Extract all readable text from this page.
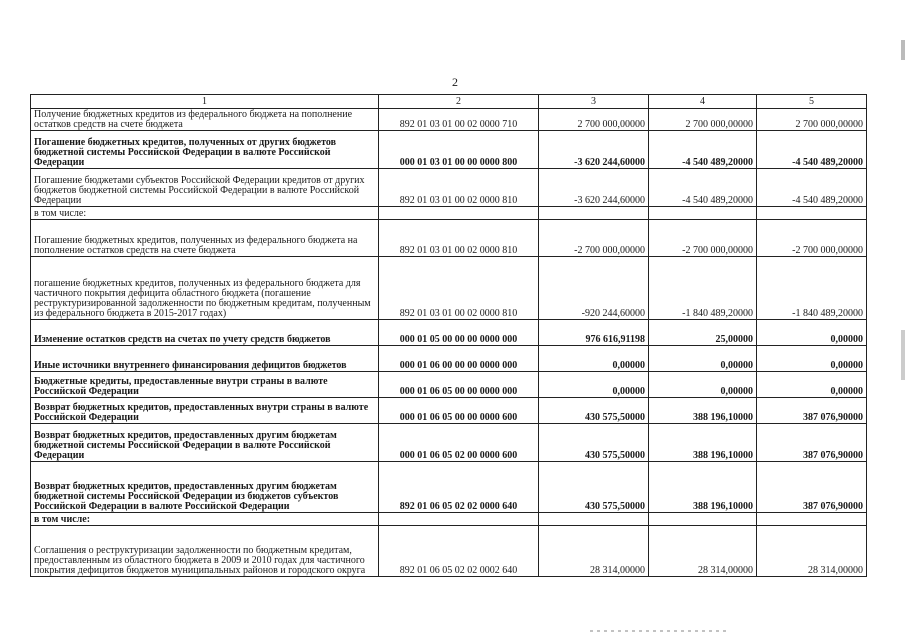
2
1	2	3	4	5
Получение бюджетных кредитов из федерального бюджета на пополнение остатков средств на счете бюджета	892 01 03 01 00 02 0000 710	2 700 000,00000	2 700 000,00000	2 700 000,00000
Погашение бюджетных кредитов, полученных от других бюджетов бюджетной системы Российской Федерации в валюте Российской Федерации	000 01 03 01 00 00 0000 800	-3 620 244,60000	-4 540 489,20000	-4 540 489,20000
Погашение бюджетами субъектов Российской Федерации кредитов от других бюджетов бюджетной системы Российской Федерации в валюте Российской Федерации	892 01 03 01 00 02 0000 810	-3 620 244,60000	-4 540 489,20000	-4 540 489,20000
в том числе:				
Погашение бюджетных кредитов, полученных из федерального бюджета на пополнение остатков средств на счете бюджета	892 01 03 01 00 02 0000 810	-2 700 000,00000	-2 700 000,00000	-2 700 000,00000
погашение бюджетных кредитов, полученных из федерального бюджета для частичного покрытия дефицита областного бюджета (погашение реструктуризированной задолженности по бюджетным кредитам, полученным из федерального бюджета в 2015-2017 годах)	892 01 03 01 00 02 0000 810	-920 244,60000	-1 840 489,20000	-1 840 489,20000
Изменение остатков средств на счетах по учету средств бюджетов	000 01 05 00 00 00 0000 000	976 616,91198	25,00000	0,00000
Иные источники внутреннего финансирования дефицитов бюджетов	000 01 06 00 00 00 0000 000	0,00000	0,00000	0,00000
Бюджетные кредиты, предоставленные внутри страны в валюте Российской Федерации	000 01 06 05 00 00 0000 000	0,00000	0,00000	0,00000
Возврат бюджетных кредитов, предоставленных внутри страны в валюте Российской Федерации	000 01 06 05 00 00 0000 600	430 575,50000	388 196,10000	387 076,90000
Возврат бюджетных кредитов, предоставленных другим бюджетам бюджетной системы Российской Федерации в валюте Российской Федерации	000 01 06 05 02 00 0000 600	430 575,50000	388 196,10000	387 076,90000
Возврат бюджетных кредитов, предоставленных другим бюджетам бюджетной системы Российской Федерации из бюджетов субъектов Российской Федерации в валюте Российской Федерации	892 01 06 05 02 02 0000 640	430 575,50000	388 196,10000	387 076,90000
в том числе:				
Соглашения о реструктуризации задолженности по бюджетным кредитам, предоставленным из областного бюджета в 2009 и 2010 годах для частичного покрытия дефицитов бюджетов муниципальных районов и городского округа	892 01 06 05 02 02 0002 640	28 314,00000	28 314,00000	28 314,00000
